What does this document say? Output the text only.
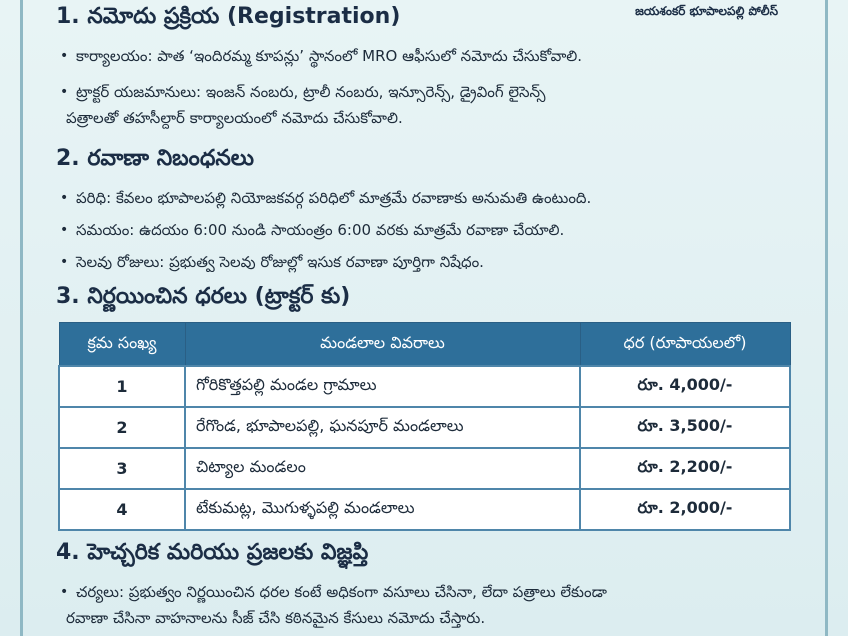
జయశంకర్ భూపాలపల్లి పోలీస్
1. నమోదు ప్రక్రియ (Registration)
• కార్యాలయం: పాత ‘ఇందిరమ్మ కూపన్లు’ స్థానంలో MRO ఆఫీసులో నమోదు చేసుకోవాలి.
• ట్రాక్టర్ యజమానులు: ఇంజన్ నంబరు, ట్రాలీ నంబరు, ఇన్సూరెన్స్, డ్రైవింగ్ లైసెన్స్
పత్రాలతో తహసీల్దార్ కార్యాలయంలో నమోదు చేసుకోవాలి.
2. రవాణా నిబంధనలు
• పరిధి: కేవలం భూపాలపల్లి నియోజకవర్గ పరిధిలో మాత్రమే రవాణాకు అనుమతి ఉంటుంది.
• సమయం: ఉదయం 6:00 నుండి సాయంత్రం 6:00 వరకు మాత్రమే రవాణా చేయాలి.
• సెలవు రోజులు: ప్రభుత్వ సెలవు రోజుల్లో ఇసుక రవాణా పూర్తిగా నిషేధం.
3. నిర్ణయించిన ధరలు (ట్రాక్టర్ కు)
క్రమ సంఖ్య	మండలాల వివరాలు	ధర (రూపాయలలో)
1	గోరికొత్తపల్లి మండల గ్రామాలు	రూ. 4,000/-
2	రేగొండ, భూపాలపల్లి, ఘనపూర్ మండలాలు	రూ. 3,500/-
3	చిట్యాల మండలం	రూ. 2,200/-
4	టేకుమట్ల, మొగుళ్ళపల్లి మండలాలు	రూ. 2,000/-
4. హెచ్చరిక మరియు ప్రజలకు విజ్ఞప్తి
• చర్యలు: ప్రభుత్వం నిర్ణయించిన ధరల కంటే అధికంగా వసూలు చేసినా, లేదా పత్రాలు లేకుండా
రవాణా చేసినా వాహనాలను సీజ్ చేసి కఠినమైన కేసులు నమోదు చేస్తారు.
